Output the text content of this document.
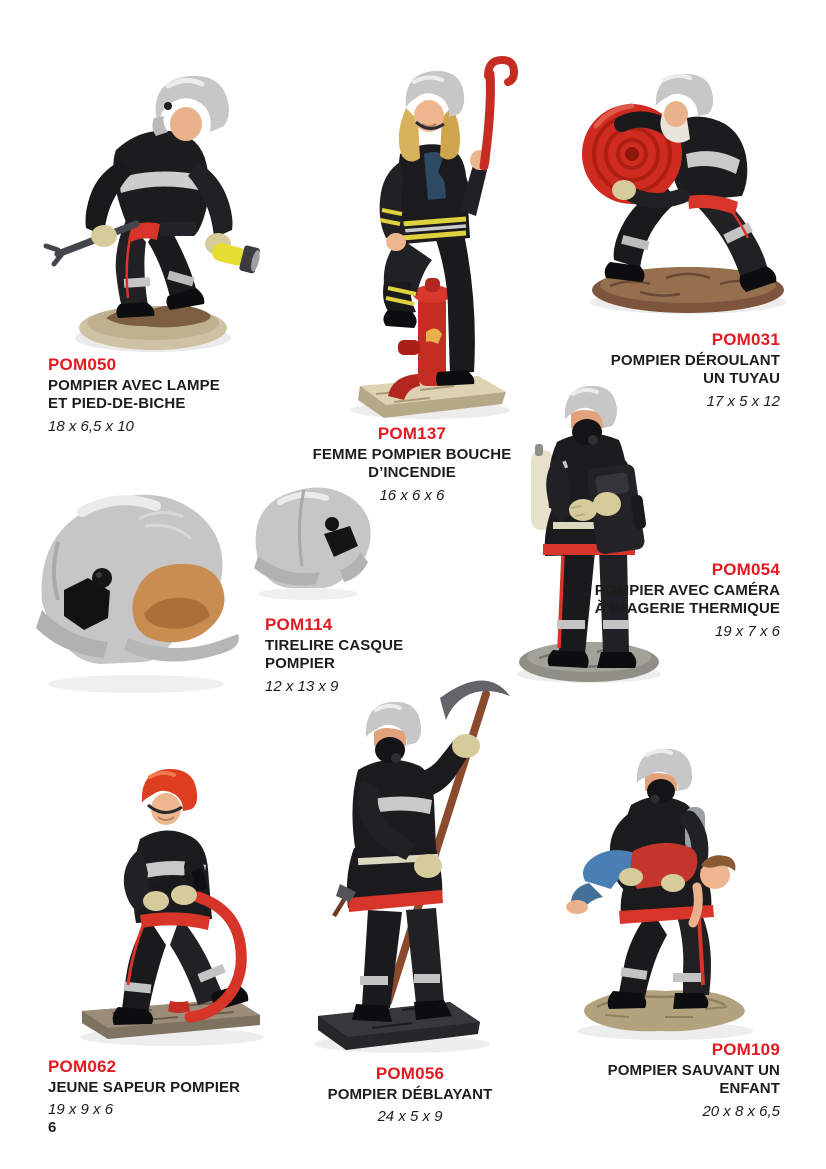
POM050
POMPIER AVEC LAMPE ET PIED-DE-BICHE
18 x 6,5 x 10	POM137
FEMME POMPIER BOUCHE D’INCENDIE
16 x 6 x 6
POM031
POMPIER DÉROULANT UN TUYAU
17 x 5 x 12
POM114
TIRELIRE CASQUE POMPIER
12 x 13 x 9
POM054
POMPIER AVEC CAMÉRA À IMAGERIE THERMIQUE
19 x 7 x 6
POM062
JEUNE SAPEUR POMPIER
19 x 9 x 6
POM056
POMPIER DÉBLAYANT
24 x 5 x 9
POM109
POMPIER SAUVANT UN ENFANT
20 x 8 x 6,5
6
